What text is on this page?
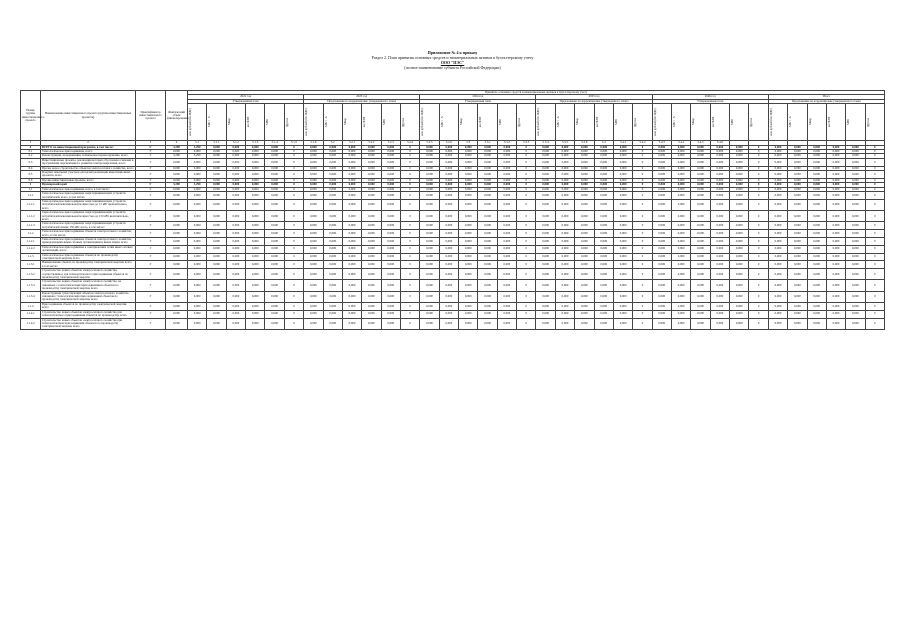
Приложение № 4 к приказу
Раздел 2. План принятия основных средств и нематериальных активов к бухгалтерскому учету
ООО "ПЭС"
(полное наименование субъекта Российской Федерации)
Номер группы инвестиционного проекта	Наименование инвестиционного проекта (группы инвестиционных проектов)	Идентификатор инвестиционного проекта	Фактический объем финансирования	Принятие основных средств и нематериальных активов к бухгалтерскому учету																																			
				2022 год						2023 год						2024 год						2025 год						2026 год						Итого					
				Утвержденный план						Предложение по корректировке утвержденного плана						Утвержденный план						Предложение по корректировке утвержденного плана						Утвержденный план						Предложение по корректировке утвержденного плана					

				млн рублей (без НДС)	МВ×А	Мвар	км ЛЭП	МВт	Другое	млн рублей (без НДС)	МВ×А	Мвар	км ЛЭП	МВт	Другое	млн рублей (без НДС)	МВ×А	Мвар	км ЛЭП	МВт	Другое	млн рублей (без НДС)	МВ×А	Мвар	км ЛЭП	МВт	Другое	млн рублей (без НДС)	МВ×А	Мвар	км ЛЭП	МВт	Другое	млн рублей (без НДС)	МВ×А	Мвар	км ЛЭП	МВт	Другое

1	2	3	4	5.1	5.1.1	5.1.2	5.1.3	5.1.4	5.1.5	5.1.6	5.2	5.2.1	5.2.2	5.2.3	5.2.4	5.2.5	5.2.6	5.3	5.3.1	5.3.2	5.3.3	5.3.4	5.3.5	5.3.6	5.4	5.4.1	5.4.2	5.4.3	5.4.4	5.4.5	5.4.6								
0	ВСЕГО по инвестиционной программе, в том числе:	Г	3,290	3,290	0,000	0,000	0,000	0,000	0	0,000	0,000	0,000	0,000	0,000	0	0,000	0,000	0,000	0,000	0,000	0	0,000	0,000	0,000	0,000	0,000	0	0,000	0,000	0,000	0,000	0,000	0	0,000	0,000	0,000	0,000	0,000	0
0.1	Технологическое присоединение, всего	Г	0,000	0,000	0,000	0,000	0,000	0,000	0	0,000	0,000	0,000	0,000	0,000	0	0,000	0,000	0,000	0,000	0,000	0	0,000	0,000	0,000	0,000	0,000	0	0,000	0,000	0,000	0,000	0,000	0	0,000	0,000	0,000	0,000	0,000	0
0.2	Реконструкция, модернизация, техническое перевооружение, всего	Г	3,290	3,290	0,000	0,000	0,000	0,000	0	0,000	0,000	0,000	0,000	0,000	0	0,000	0,000	0,000	0,000	0,000	0	0,000	0,000	0,000	0,000	0,000	0	0,000	0,000	0,000	0,000	0,000	0	0,000	0,000	0,000	0,000	0,000	0
0.3	Инвестиционные проекты, реализация которых обусловлена схемами и программами перспективного развития электроэнергетики, всего	Г	0,000	0,000	0,000	0,000	0,000	0,000	0	0,000	0,000	0,000	0,000	0,000	0	0,000	0,000	0,000	0,000	0,000	0	0,000	0,000	0,000	0,000	0,000	0	0,000	0,000	0,000	0,000	0,000	0	0,000	0,000	0,000	0,000	0,000	0
0.4	Прочее новое строительство объектов электросетевого хозяйства, всего	Г	0,000	0,000	0,000	0,000	0,000	0,000	0	0,000	0,000	0,000	0,000	0,000	0	0,000	0,000	0,000	0,000	0,000	0	0,000	0,000	0,000	0,000	0,000	0	0,000	0,000	0,000	0,000	0,000	0	0,000	0,000	0,000	0,000	0,000	0
0.5	Покупка земельных участков для целей реализации инвестиционных проектов, всего	Г	0,000	0,000	0,000	0,000	0,000	0,000	0	0,000	0,000	0,000	0,000	0,000	0	0,000	0,000	0,000	0,000	0,000	0	0,000	0,000	0,000	0,000	0,000	0	0,000	0,000	0,000	0,000	0,000	0	0,000	0,000	0,000	0,000	0,000	0
0.6	Прочие инвестиционные проекты, всего	Г	0,000	0,000	0,000	0,000	0,000	0,000	0	0,000	0,000	0,000	0,000	0,000	0	0,000	0,000	0,000	0,000	0,000	0	0,000	0,000	0,000	0,000	0,000	0	0,000	0,000	0,000	0,000	0,000	0	0,000	0,000	0,000	0,000	0,000	0
1	Приморский край	Г	3,290	3,290	0,000	0,000	0,000	0,000	0	0,000	0,000	0,000	0,000	0,000	0	0,000	0,000	0,000	0,000	0,000	0	0,000	0,000	0,000	0,000	0,000	0	0,000	0,000	0,000	0,000	0,000	0	0,000	0,000	0,000	0,000	0,000	0
1.1	Технологическое присоединение, всего, в том числе:	Г	0,000	0,000	0,000	0,000	0,000	0,000	0	0,000	0,000	0,000	0,000	0,000	0	0,000	0,000	0,000	0,000	0,000	0	0,000	0,000	0,000	0,000	0,000	0	0,000	0,000	0,000	0,000	0,000	0	0,000	0,000	0,000	0,000	0,000	0
1.1.1	Технологическое присоединение энергопринимающих устройств потребителей, всего, в том числе:	Г	0,000	0,000	0,000	0,000	0,000	0,000	0	0,000	0,000	0,000	0,000	0,000	0	0,000	0,000	0,000	0,000	0,000	0	0,000	0,000	0,000	0,000	0,000	0	0,000	0,000	0,000	0,000	0,000	0	0,000	0,000	0,000	0,000	0,000	0
1.1.1.1	Технологическое присоединение энергопринимающих устройств потребителей максимальной мощностью до 15 кВт включительно, всего	Г	0,000	0,000	0,000	0,000	0,000	0,000	0	0,000	0,000	0,000	0,000	0,000	0	0,000	0,000	0,000	0,000	0,000	0	0,000	0,000	0,000	0,000	0,000	0	0,000	0,000	0,000	0,000	0,000	0	0,000	0,000	0,000	0,000	0,000	0
1.1.1.2	Технологическое присоединение энергопринимающих устройств потребителей максимальной мощностью до 150 кВт включительно, всего	Г	0,000	0,000	0,000	0,000	0,000	0,000	0	0,000	0,000	0,000	0,000	0,000	0	0,000	0,000	0,000	0,000	0,000	0	0,000	0,000	0,000	0,000	0,000	0	0,000	0,000	0,000	0,000	0,000	0	0,000	0,000	0,000	0,000	0,000	0
1.1.1.3	Технологическое присоединение энергопринимающих устройств потребителей свыше 150 кВт, всего, в том числе:	Г	0,000	0,000	0,000	0,000	0,000	0,000	0	0,000	0,000	0,000	0,000	0,000	0	0,000	0,000	0,000	0,000	0,000	0	0,000	0,000	0,000	0,000	0,000	0	0,000	0,000	0,000	0,000	0,000	0	0,000	0,000	0,000	0,000	0,000	0
1.1.2	Технологическое присоединение объектов электросетевого хозяйства, всего, в том числе:	Г	0,000	0,000	0,000	0,000	0,000	0,000	0	0,000	0,000	0,000	0,000	0,000	0	0,000	0,000	0,000	0,000	0,000	0	0,000	0,000	0,000	0,000	0,000	0	0,000	0,000	0,000	0,000	0,000	0	0,000	0,000	0,000	0,000	0,000	0
1.1.2.1	Технологическое присоединение объектов электросетевого хозяйства, принадлежащих иным сетевым организациям и иным лицам, всего	Г	0,000	0,000	0,000	0,000	0,000	0,000	0	0,000	0,000	0,000	0,000	0,000	0	0,000	0,000	0,000	0,000	0,000	0	0,000	0,000	0,000	0,000	0,000	0	0,000	0,000	0,000	0,000	0,000	0	0,000	0,000	0,000	0,000	0,000	0
1.1.2.2	Технологическое присоединение к электрическим сетям иных сетевых организаций, всего	Г	0,000	0,000	0,000	0,000	0,000	0,000	0	0,000	0,000	0,000	0,000	0,000	0	0,000	0,000	0,000	0,000	0,000	0	0,000	0,000	0,000	0,000	0,000	0	0,000	0,000	0,000	0,000	0,000	0	0,000	0,000	0,000	0,000	0,000	0
1.1.3	Технологическое присоединение объектов по производству электрической энергии, всего	Г	0,000	0,000	0,000	0,000	0,000	0,000	0	0,000	0,000	0,000	0,000	0,000	0	0,000	0,000	0,000	0,000	0,000	0	0,000	0,000	0,000	0,000	0,000	0	0,000	0,000	0,000	0,000	0,000	0	0,000	0,000	0,000	0,000	0,000	0
1.1.3.1	Наименование объекта по производству электрической энергии, всего, в том числе:	Г	0,000	0,000	0,000	0,000	0,000	0,000	0	0,000	0,000	0,000	0,000	0,000	0	0,000	0,000	0,000	0,000	0,000	0	0,000	0,000	0,000	0,000	0,000	0	0,000	0,000	0,000	0,000	0,000	0	0,000	0,000	0,000	0,000	0,000	0
1.1.3.2	Строительство новых объектов электросетевого хозяйства, осуществляемое для технологического присоединения объектов по производству электрической энергии	Г	0,000	0,000	0,000	0,000	0,000	0,000	0	0,000	0,000	0,000	0,000	0,000	0	0,000	0,000	0,000	0,000	0,000	0	0,000	0,000	0,000	0,000	0,000	0	0,000	0,000	0,000	0,000	0,000	0	0,000	0,000	0,000	0,000	0,000	0
1.1.3.3	Строительство новых объектов электросетевого хозяйства, не связанных с технологическим присоединением объектов по производству электрической энергии, всего	Г	0,000	0,000	0,000	0,000	0,000	0,000	0	0,000	0,000	0,000	0,000	0,000	0	0,000	0,000	0,000	0,000	0,000	0	0,000	0,000	0,000	0,000	0,000	0	0,000	0,000	0,000	0,000	0,000	0	0,000	0,000	0,000	0,000	0,000	0
1.1.3.4	Реконструкция существующих объектов электросетевого хозяйства, связанная с технологическим присоединением объектов по производству электрической энергии, всего	Г	0,000	0,000	0,000	0,000	0,000	0,000	0	0,000	0,000	0,000	0,000	0,000	0	0,000	0,000	0,000	0,000	0,000	0	0,000	0,000	0,000	0,000	0,000	0	0,000	0,000	0,000	0,000	0,000	0	0,000	0,000	0,000	0,000	0,000	0
1.1.4	Присоединение объектов по производству электрической энергии, всего	Г	0,000	0,000	0,000	0,000	0,000	0,000	0	0,000	0,000	0,000	0,000	0,000	0	0,000	0,000	0,000	0,000	0,000	0	0,000	0,000	0,000	0,000	0,000	0	0,000	0,000	0,000	0,000	0,000	0	0,000	0,000	0,000	0,000	0,000	0
1.1.4.1	Строительство новых объектов электросетевого хозяйства для технологического присоединения объектов по производству, всего	Г	0,000	0,000	0,000	0,000	0,000	0,000	0	0,000	0,000	0,000	0,000	0,000	0	0,000	0,000	0,000	0,000	0,000	0	0,000	0,000	0,000	0,000	0,000	0	0,000	0,000	0,000	0,000	0,000	0	0,000	0,000	0,000	0,000	0,000	0
1.1.4.2	Строительство новых объектов электросетевого хозяйства при технологическом присоединении объектов по производству электрической энергии, всего	Г	0,000	0,000	0,000	0,000	0,000	0,000	0	0,000	0,000	0,000	0,000	0,000	0	0,000	0,000	0,000	0,000	0,000	0	0,000	0,000	0,000	0,000	0,000	0	0,000	0,000	0,000	0,000	0,000	0	0,000	0,000	0,000	0,000	0,000	0
